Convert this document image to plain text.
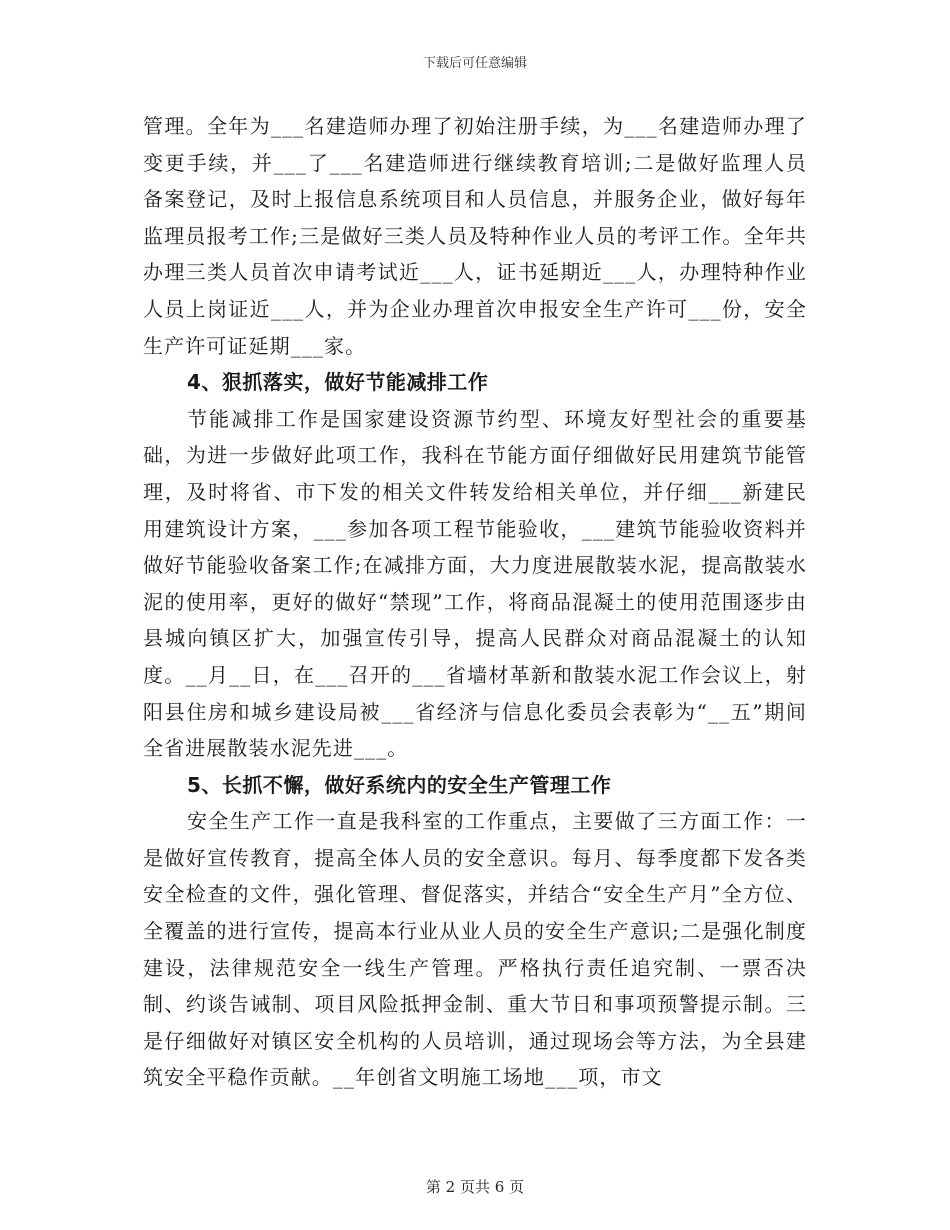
下载后可任意编辑

管理。全年为___名建造师办理了初始注册手续，为___名建造师办理了变更手续，并___了___名建造师进行继续教育培训;二是做好监理人员备案登记，及时上报信息系统项目和人员信息，并服务企业，做好每年监理员报考工作;三是做好三类人员及特种作业人员的考评工作。全年共办理三类人员首次申请考试近___人，证书延期近___人，办理特种作业人员上岗证近___人，并为企业办理首次申报安全生产许可___份，安全生产许可证延期___家。

4、狠抓落实，做好节能减排工作

节能减排工作是国家建设资源节约型、环境友好型社会的重要基础，为进一步做好此项工作，我科在节能方面仔细做好民用建筑节能管理，及时将省、市下发的相关文件转发给相关单位，并仔细___新建民用建筑设计方案，___参加各项工程节能验收，___建筑节能验收资料并做好节能验收备案工作;在减排方面，大力度进展散装水泥，提高散装水泥的使用率，更好的做好“禁现”工作，将商品混凝土的使用范围逐步由县城向镇区扩大，加强宣传引导，提高人民群众对商品混凝土的认知度。__月__日，在___召开的___省墙材革新和散装水泥工作会议上，射阳县住房和城乡建设局被___省经济与信息化委员会表彰为“__五”期间全省进展散装水泥先进___。

5、长抓不懈，做好系统内的安全生产管理工作

安全生产工作一直是我科室的工作重点，主要做了三方面工作：一是做好宣传教育，提高全体人员的安全意识。每月、每季度都下发各类安全检查的文件，强化管理、督促落实，并结合“安全生产月”全方位、全覆盖的进行宣传，提高本行业从业人员的安全生产意识;二是强化制度建设，法律规范安全一线生产管理。严格执行责任追究制、一票否决制、约谈告诫制、项目风险抵押金制、重大节日和事项预警提示制。三是仔细做好对镇区安全机构的人员培训，通过现场会等方法，为全县建筑安全平稳作贡献。__年创省文明施工场地___项，市文

第 2 页共 6 页
